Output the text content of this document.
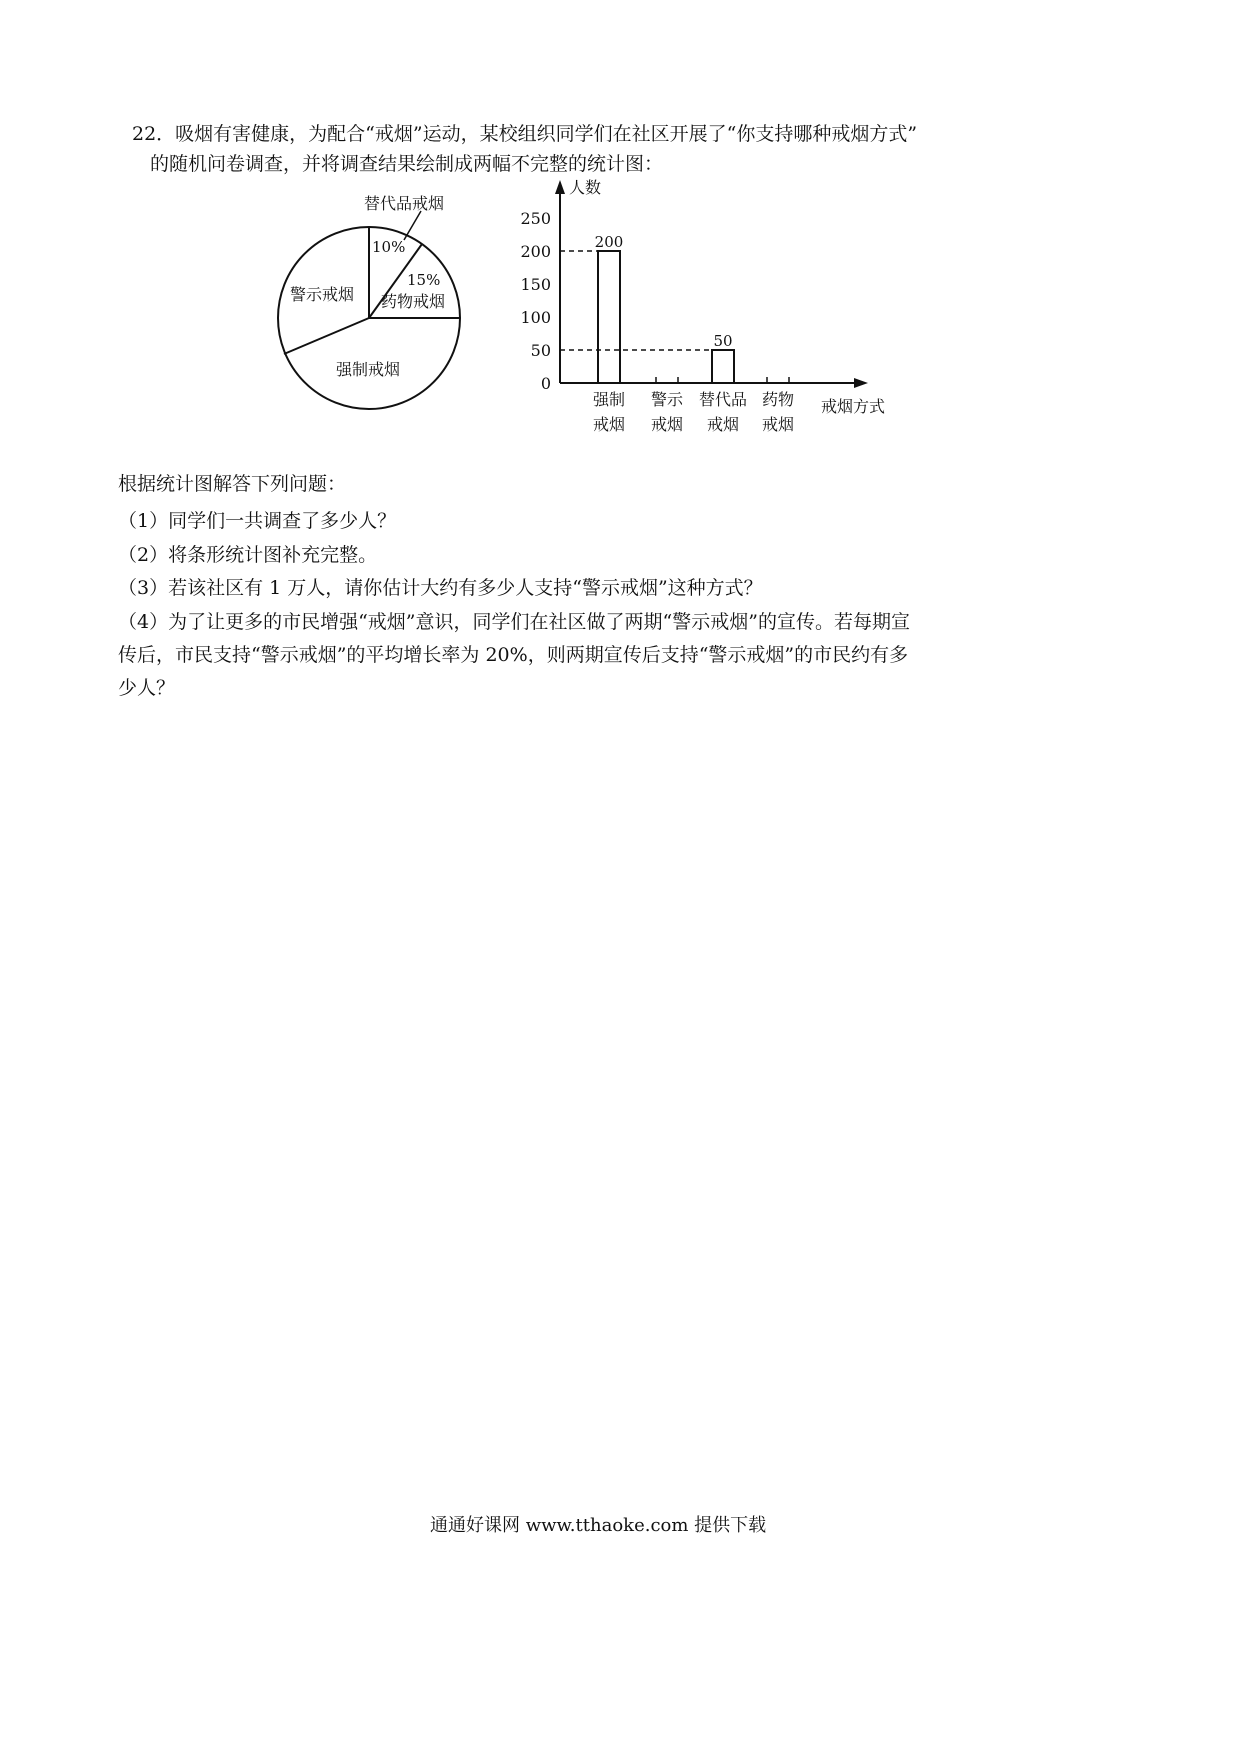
22．吸烟有害健康，为配合“戒烟”运动，某校组织同学们在社区开展了“你支持哪种戒烟方式”
的随机问卷调查，并将调查结果绘制成两幅不完整的统计图：
替代品戒烟
10%
15%
药物戒烟
警示戒烟
强制戒烟
人数
戒烟方式
250
200
150
100
50
0
200
50
强制
戒烟
警示
戒烟
替代品
戒烟
药物
戒烟
根据统计图解答下列问题：
（1）同学们一共调查了多少人？
（2）将条形统计图补充完整。
（3）若该社区有 1 万人，请你估计大约有多少人支持“警示戒烟”这种方式？
（4）为了让更多的市民增强“戒烟”意识，同学们在社区做了两期“警示戒烟”的宣传。若每期宣
传后，市民支持“警示戒烟”的平均增长率为 20%，则两期宣传后支持“警示戒烟”的市民约有多
少人？
通通好课网 www.tthaoke.com 提供下载
